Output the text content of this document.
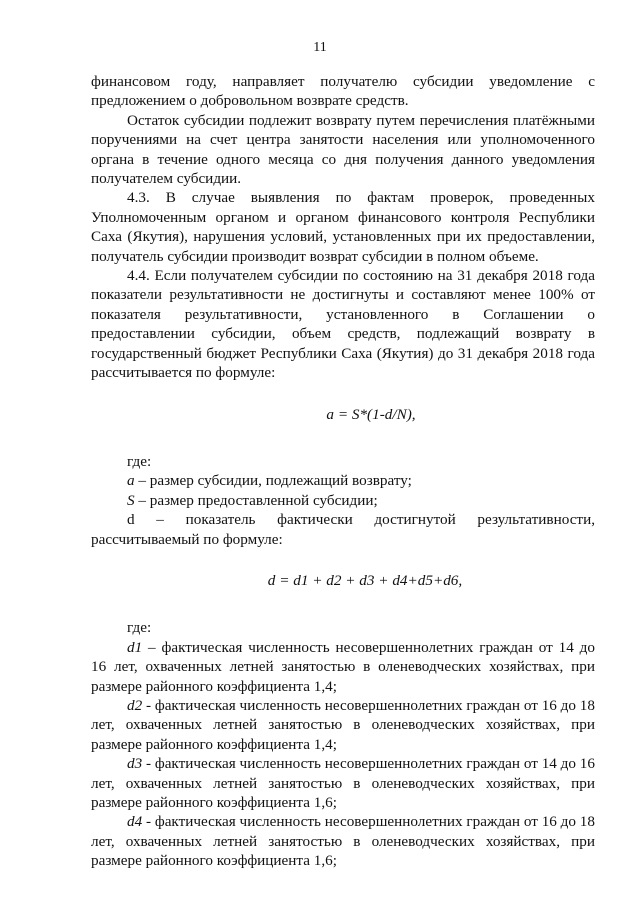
11

финансовом году, направляет получателю субсидии уведомление с предложением о добровольном возврате средств.

Остаток субсидии подлежит возврату путем перечисления платёжными поручениями на счет центра занятости населения или уполномоченного органа в течение одного месяца со дня получения данного уведомления получателем субсидии.

4.3. В случае выявления по фактам проверок, проведенных Уполномоченным органом и органом финансового контроля Республики Саха (Якутия), нарушения условий, установленных при их предоставлении, получатель субсидии производит возврат субсидии в полном объеме.

4.4. Если получателем субсидии по состоянию на 31 декабря 2018 года показатели результативности не достигнуты и составляют менее 100% от показателя результативности, установленного в Соглашении о предоставлении субсидии, объем средств, подлежащий возврату в государственный бюджет Республики Саха (Якутия) до 31 декабря 2018 года рассчитывается по формуле:

a = S*(1-d/N),

где:

a – размер субсидии, подлежащий возврату;

S – размер предоставленной субсидии;

d – показатель фактически достигнутой результативности, рассчитываемый по формуле:

d = d1 + d2 + d3 + d4+d5+d6,

где:

d1 – фактическая численность несовершеннолетних граждан от 14 до 16 лет, охваченных летней занятостью в оленеводческих хозяйствах, при размере районного коэффициента 1,4;

d2 - фактическая численность несовершеннолетних граждан от 16 до 18 лет, охваченных летней занятостью в оленеводческих хозяйствах, при размере районного коэффициента 1,4;

d3 - фактическая численность несовершеннолетних граждан от 14 до 16 лет, охваченных летней занятостью в оленеводческих хозяйствах, при размере районного коэффициента 1,6;

d4 - фактическая численность несовершеннолетних граждан от 16 до 18 лет, охваченных летней занятостью в оленеводческих хозяйствах, при размере районного коэффициента 1,6;
